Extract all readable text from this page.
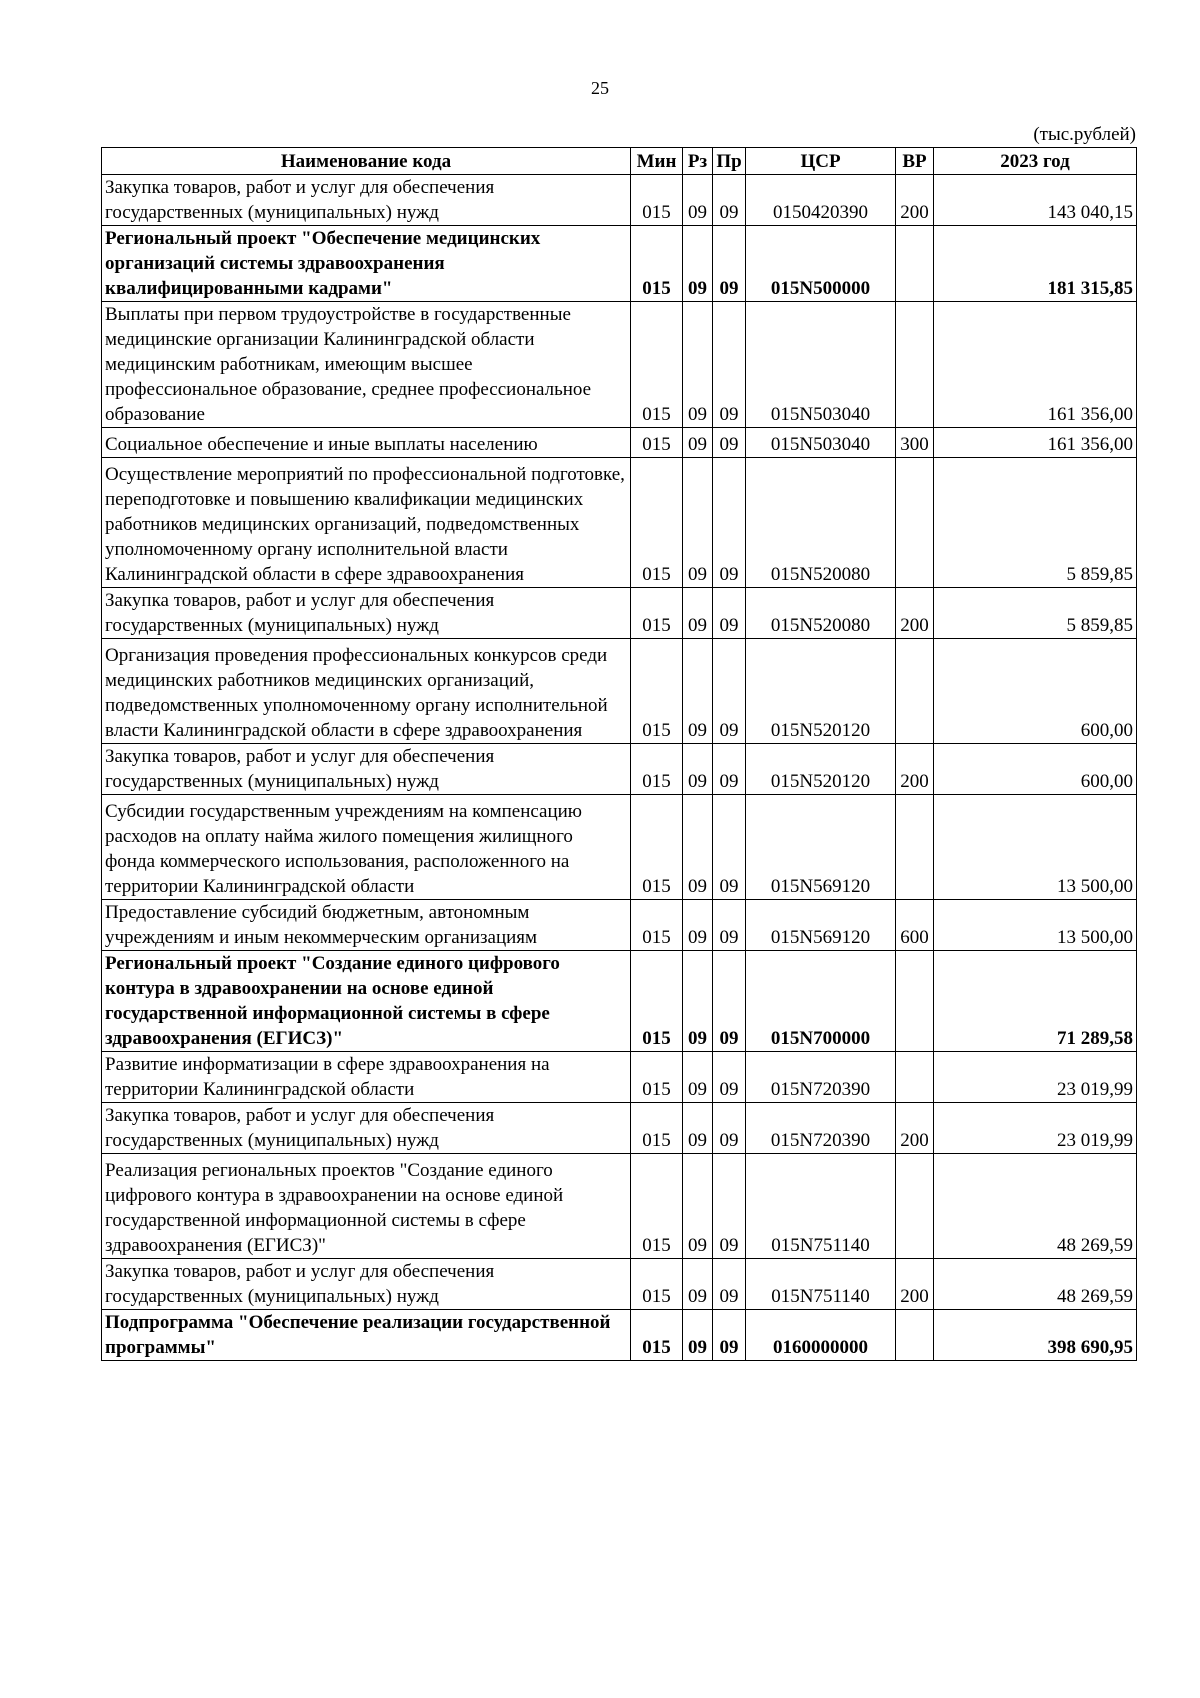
25
(тыс.рублей)
Наименование кода	Мин	Рз	Пр	ЦСР	ВР	2023 год
Закупка товаров, работ и услуг для обеспечения государственных (муниципальных) нужд	015	09	09	0150420390	200	143 040,15
Региональный проект "Обеспечение медицинских организаций системы здравоохранения квалифицированными кадрами"	015	09	09	015N500000		181 315,85
Выплаты при первом трудоустройстве в государственные медицинские организации Калининградской области медицинским работникам, имеющим высшее профессиональное образование, среднее профессиональное образование	015	09	09	015N503040		161 356,00
Социальное обеспечение и иные выплаты населению	015	09	09	015N503040	300	161 356,00
Осуществление мероприятий по профессиональной подготовке, переподготовке и повышению квалификации медицинских работников медицинских организаций, подведомственных уполномоченному органу исполнительной власти Калининградской области в сфере здравоохранения	015	09	09	015N520080		5 859,85
Закупка товаров, работ и услуг для обеспечения государственных (муниципальных) нужд	015	09	09	015N520080	200	5 859,85
Организация проведения профессиональных конкурсов среди медицинских работников медицинских организаций, подведомственных уполномоченному органу исполнительной власти Калининградской области в сфере здравоохранения	015	09	09	015N520120		600,00
Закупка товаров, работ и услуг для обеспечения государственных (муниципальных) нужд	015	09	09	015N520120	200	600,00
Субсидии государственным учреждениям на компенсацию расходов на оплату найма жилого помещения жилищного фонда коммерческого использования, расположенного на территории Калининградской области	015	09	09	015N569120		13 500,00
Предоставление субсидий бюджетным, автономным учреждениям и иным некоммерческим организациям	015	09	09	015N569120	600	13 500,00
Региональный проект "Создание единого цифрового контура в здравоохранении на основе единой государственной информационной системы в сфере здравоохранения (ЕГИСЗ)"	015	09	09	015N700000		71 289,58
Развитие информатизации в сфере здравоохранения на территории Калининградской области	015	09	09	015N720390		23 019,99
Закупка товаров, работ и услуг для обеспечения государственных (муниципальных) нужд	015	09	09	015N720390	200	23 019,99
Реализация региональных проектов "Создание единого цифрового контура в здравоохранении на основе единой государственной информационной системы в сфере здравоохранения (ЕГИСЗ)"	015	09	09	015N751140		48 269,59
Закупка товаров, работ и услуг для обеспечения государственных (муниципальных) нужд	015	09	09	015N751140	200	48 269,59
Подпрограмма "Обеспечение реализации государственной программы"	015	09	09	0160000000		398 690,95
